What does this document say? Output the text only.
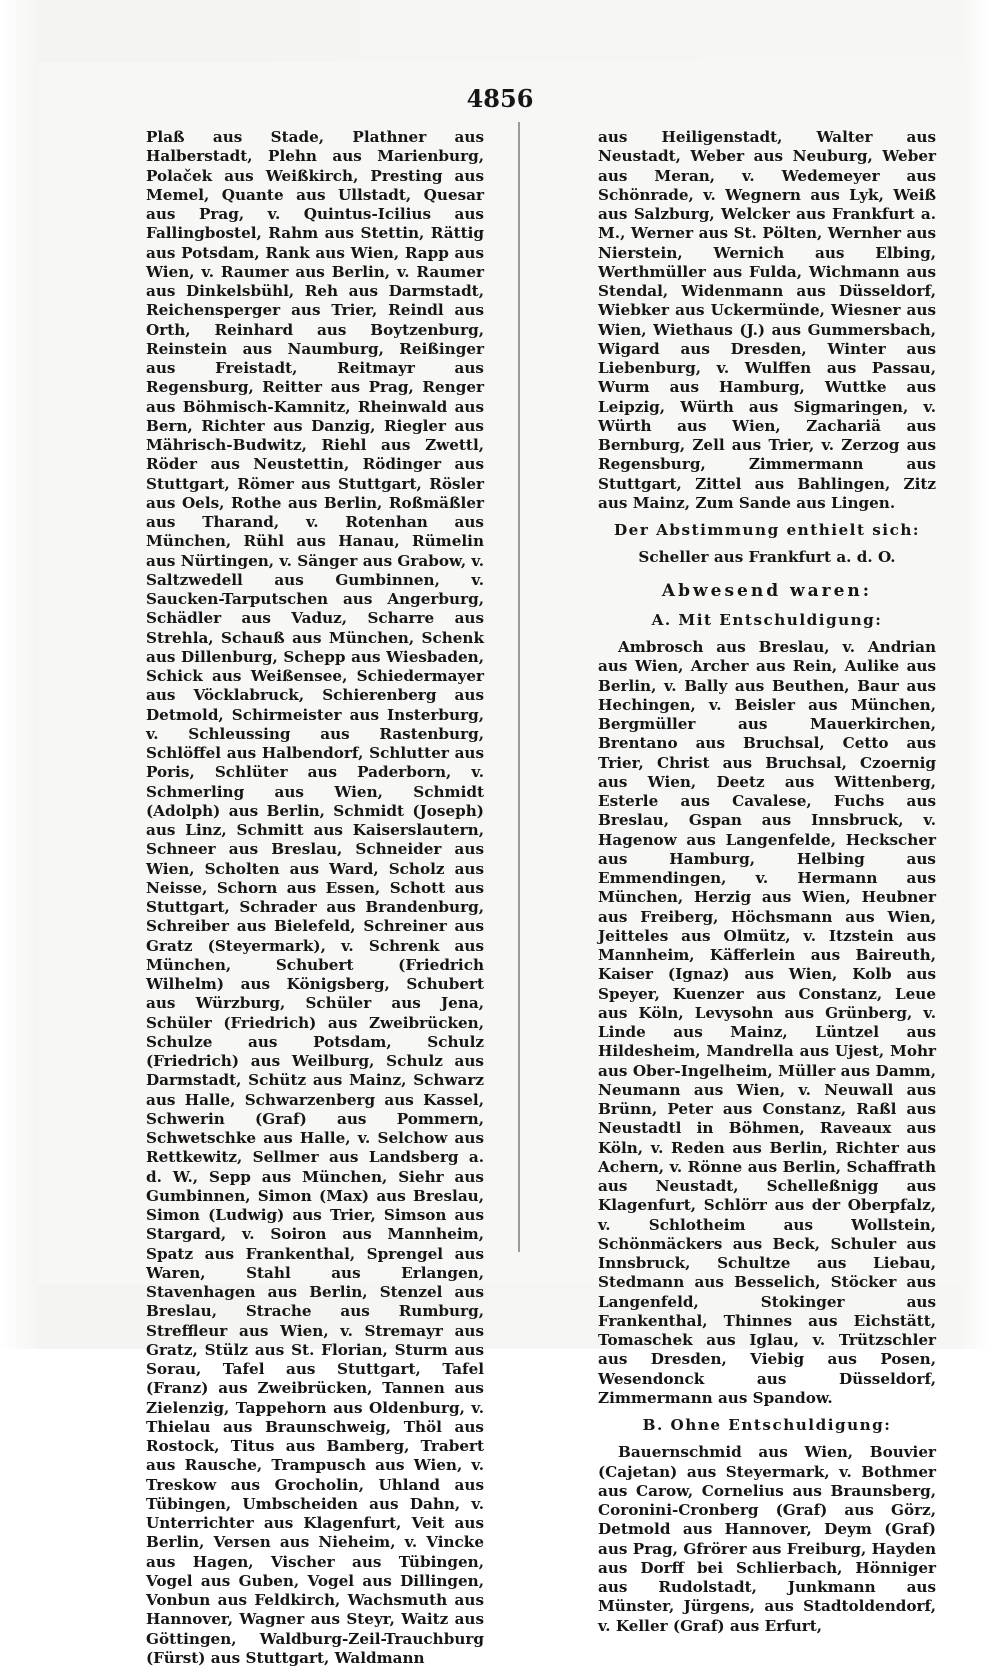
4856

Plaß aus Stade, Plathner aus Halberstadt, Plehn aus Marienburg, Polaček aus Weißkirch, Presting aus Memel, Quante aus Ullstadt, Quesar aus Prag, v. Quintus-Icilius aus Fallingbostel, Rahm aus Stettin, Rättig aus Potsdam, Rank aus Wien, Rapp aus Wien, v. Raumer aus Berlin, v. Raumer aus Dinkelsbühl, Reh aus Darmstadt, Reichensperger aus Trier, Reindl aus Orth, Reinhard aus Boytzenburg, Reinstein aus Naumburg, Reißinger aus Freistadt, Reitmayr aus Regensburg, Reitter aus Prag, Renger aus Böhmisch-Kamnitz, Rheinwald aus Bern, Richter aus Danzig, Riegler aus Mährisch-Budwitz, Riehl aus Zwettl, Röder aus Neustettin, Rödinger aus Stuttgart, Römer aus Stuttgart, Rösler aus Oels, Rothe aus Berlin, Roßmäßler aus Tharand, v. Rotenhan aus München, Rühl aus Hanau, Rümelin aus Nürtingen, v. Sänger aus Grabow, v. Saltzwedell aus Gumbinnen, v. Saucken-Tarputschen aus Angerburg, Schädler aus Vaduz, Scharre aus Strehla, Schauß aus München, Schenk aus Dillenburg, Schepp aus Wiesbaden, Schick aus Weißensee, Schiedermayer aus Vöcklabruck, Schierenberg aus Detmold, Schirmeister aus Insterburg, v. Schleussing aus Rastenburg, Schlöffel aus Halbendorf, Schlutter aus Poris, Schlüter aus Paderborn, v. Schmerling aus Wien, Schmidt (Adolph) aus Berlin, Schmidt (Joseph) aus Linz, Schmitt aus Kaiserslautern, Schneer aus Breslau, Schneider aus Wien, Scholten aus Ward, Scholz aus Neisse, Schorn aus Essen, Schott aus Stuttgart, Schrader aus Brandenburg, Schreiber aus Bielefeld, Schreiner aus Gratz (Steyermark), v. Schrenk aus München, Schubert (Friedrich Wilhelm) aus Königsberg, Schubert aus Würzburg, Schüler aus Jena, Schüler (Friedrich) aus Zweibrücken, Schulze aus Potsdam, Schulz (Friedrich) aus Weilburg, Schulz aus Darmstadt, Schütz aus Mainz, Schwarz aus Halle, Schwarzenberg aus Kassel, Schwerin (Graf) aus Pommern, Schwetschke aus Halle, v. Selchow aus Rettkewitz, Sellmer aus Landsberg a. d. W., Sepp aus München, Siehr aus Gumbinnen, Simon (Max) aus Breslau, Simon (Ludwig) aus Trier, Simson aus Stargard, v. Soiron aus Mannheim, Spatz aus Frankenthal, Sprengel aus Waren, Stahl aus Erlangen, Stavenhagen aus Berlin, Stenzel aus Breslau, Strache aus Rumburg, Streffleur aus Wien, v. Stremayr aus Gratz, Stülz aus St. Florian, Sturm aus Sorau, Tafel aus Stuttgart, Tafel (Franz) aus Zweibrücken, Tannen aus Zielenzig, Tappehorn aus Oldenburg, v. Thielau aus Braunschweig, Thöl aus Rostock, Titus aus Bamberg, Trabert aus Rausche, Trampusch aus Wien, v. Treskow aus Grocholin, Uhland aus Tübingen, Umbscheiden aus Dahn, v. Unterrichter aus Klagenfurt, Veit aus Berlin, Versen aus Nieheim, v. Vincke aus Hagen, Vischer aus Tübingen, Vogel aus Guben, Vogel aus Dillingen, Vonbun aus Feldkirch, Wachsmuth aus Hannover, Wagner aus Steyr, Waitz aus Göttingen, Waldburg-Zeil-Trauchburg (Fürst) aus Stuttgart, Waldmann

aus Heiligenstadt, Walter aus Neustadt, Weber aus Neuburg, Weber aus Meran, v. Wedemeyer aus Schönrade, v. Wegnern aus Lyk, Weiß aus Salzburg, Welcker aus Frankfurt a. M., Werner aus St. Pölten, Wernher aus Nierstein, Wernich aus Elbing, Werthmüller aus Fulda, Wichmann aus Stendal, Widenmann aus Düsseldorf, Wiebker aus Uckermünde, Wiesner aus Wien, Wiethaus (J.) aus Gummersbach, Wigard aus Dresden, Winter aus Liebenburg, v. Wulffen aus Passau, Wurm aus Hamburg, Wuttke aus Leipzig, Würth aus Sigmaringen, v. Würth aus Wien, Zachariä aus Bernburg, Zell aus Trier, v. Zerzog aus Regensburg, Zimmermann aus Stuttgart, Zittel aus Bahlingen, Zitz aus Mainz, Zum Sande aus Lingen.

Der Abstimmung enthielt sich:

Scheller aus Frankfurt a. d. O.

Abwesend waren:

A. Mit Entschuldigung:

Ambrosch aus Breslau, v. Andrian aus Wien, Archer aus Rein, Aulike aus Berlin, v. Bally aus Beuthen, Baur aus Hechingen, v. Beisler aus München, Bergmüller aus Mauerkirchen, Brentano aus Bruchsal, Cetto aus Trier, Christ aus Bruchsal, Czoernig aus Wien, Deetz aus Wittenberg, Esterle aus Cavalese, Fuchs aus Breslau, Gspan aus Innsbruck, v. Hagenow aus Langenfelde, Heckscher aus Hamburg, Helbing aus Emmendingen, v. Hermann aus München, Herzig aus Wien, Heubner aus Freiberg, Höchsmann aus Wien, Jeitteles aus Olmütz, v. Itzstein aus Mannheim, Käfferlein aus Baireuth, Kaiser (Ignaz) aus Wien, Kolb aus Speyer, Kuenzer aus Constanz, Leue aus Köln, Levysohn aus Grünberg, v. Linde aus Mainz, Lüntzel aus Hildesheim, Mandrella aus Ujest, Mohr aus Ober-Ingelheim, Müller aus Damm, Neumann aus Wien, v. Neuwall aus Brünn, Peter aus Constanz, Raßl aus Neustadtl in Böhmen, Raveaux aus Köln, v. Reden aus Berlin, Richter aus Achern, v. Rönne aus Berlin, Schaffrath aus Neustadt, Schelleßnigg aus Klagenfurt, Schlörr aus der Oberpfalz, v. Schlotheim aus Wollstein, Schönmäckers aus Beck, Schuler aus Innsbruck, Schultze aus Liebau, Stedmann aus Besselich, Stöcker aus Langenfeld, Stokinger aus Frankenthal, Thinnes aus Eichstätt, Tomaschek aus Iglau, v. Trützschler aus Dresden, Viebig aus Posen, Wesendonck aus Düsseldorf, Zimmermann aus Spandow.

B. Ohne Entschuldigung:

Bauernschmid aus Wien, Bouvier (Cajetan) aus Steyermark, v. Bothmer aus Carow, Cornelius aus Braunsberg, Coronini-Cronberg (Graf) aus Görz, Detmold aus Hannover, Deym (Graf) aus Prag, Gfrörer aus Freiburg, Hayden aus Dorff bei Schlierbach, Hönniger aus Rudolstadt, Junkmann aus Münster, Jürgens, aus Stadtoldendorf, v. Keller (Graf) aus Erfurt,
